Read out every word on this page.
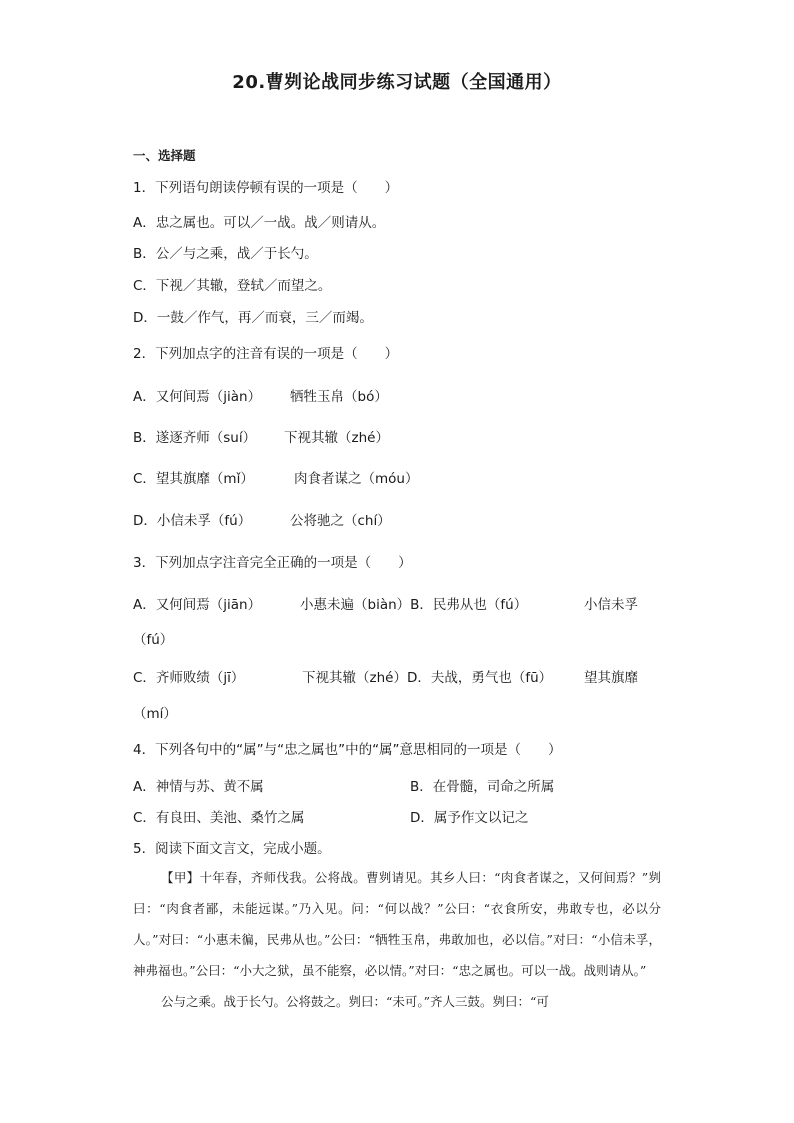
20.曹刿论战同步练习试题（全国通用）
一、选择题
1．下列语句朗读停顿有误的一项是（　　）
A．忠之属也。可以／一战。战／则请从。
B．公／与之乘，战／于长勺。
C．下视／其辙，登轼／而望之。
D．一鼓／作气，再／而衰，三／而竭。
2．下列加点字的注音有误的一项是（　　）
A．又何间焉（jiàn） 牺牲玉帛（bó）
B．遂逐齐师（suí） 下视其辙（zhé）
C．望其旗靡（mǐ）	肉食者谋之（móu）
D．小信未孚（fú）	公将驰之（chí）
3．下列加点字注音完全正确的一项是（　　）
A．又何间焉（jiān）	小惠未遍（biàn）B．民弗从也（fú）	小信未孚
（fú）
C．齐师败绩（jī）	下视其辙（zhé）D．夫战，勇气也（fū） 望其旗靡
（mí）
4．下列各句中的“属”与“忠之属也”中的“属”意思相同的一项是（　　）
A．神情与苏、黄不属	B．在骨髓，司命之所属
C．有良田、美池、桑竹之属	D．属予作文以记之
5．阅读下面文言文，完成小题。

【甲】十年春，齐师伐我。公将战。曹刿请见。其乡人曰：“肉食者谋之，又何间焉？”刿曰：“肉食者鄙，未能远谋。”乃入见。问：“何以战？”公曰：“衣食所安，弗敢专也，必以分人。”对曰：“小惠未徧，民弗从也。”公曰：“牺牲玉帛，弗敢加也，必以信。”对曰：“小信未孚，神弗福也。”公曰：“小大之狱，虽不能察，必以情。”对曰：“忠之属也。可以一战。战则请从。”

公与之乘。战于长勺。公将鼓之。刿曰：“未可。”齐人三鼓。刿曰：“可
